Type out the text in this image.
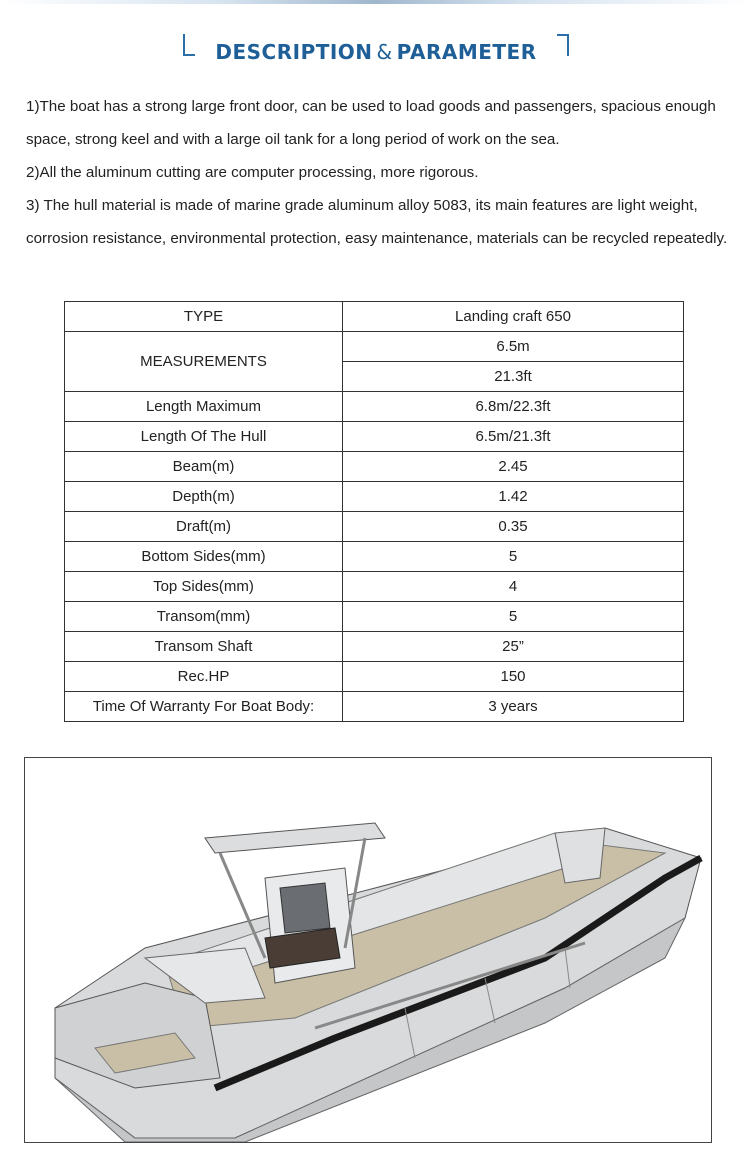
DESCRIPTION & PARAMETER

1)The boat has a strong large front door, can be used to load goods and passengers, spacious enough space, strong keel and with a large oil tank for a long period of work on the sea.

2)All the aluminum cutting are computer processing, more rigorous.

3) The hull material is made of marine grade aluminum alloy 5083, its main features are light weight, corrosion resistance, environmental protection, easy maintenance, materials can be recycled repeatedly.

TYPE	Landing craft 650
MEASUREMENTS	6.5m
	21.3ft
Length Maximum	6.8m/22.3ft
Length Of The Hull	6.5m/21.3ft
Beam(m)	2.45
Depth(m)	1.42
Draft(m)	0.35
Bottom Sides(mm)	5
Top Sides(mm)	4
Transom(mm)	5
Transom Shaft	25”
Rec.HP	150
Time Of Warranty For Boat Body:	3 years
